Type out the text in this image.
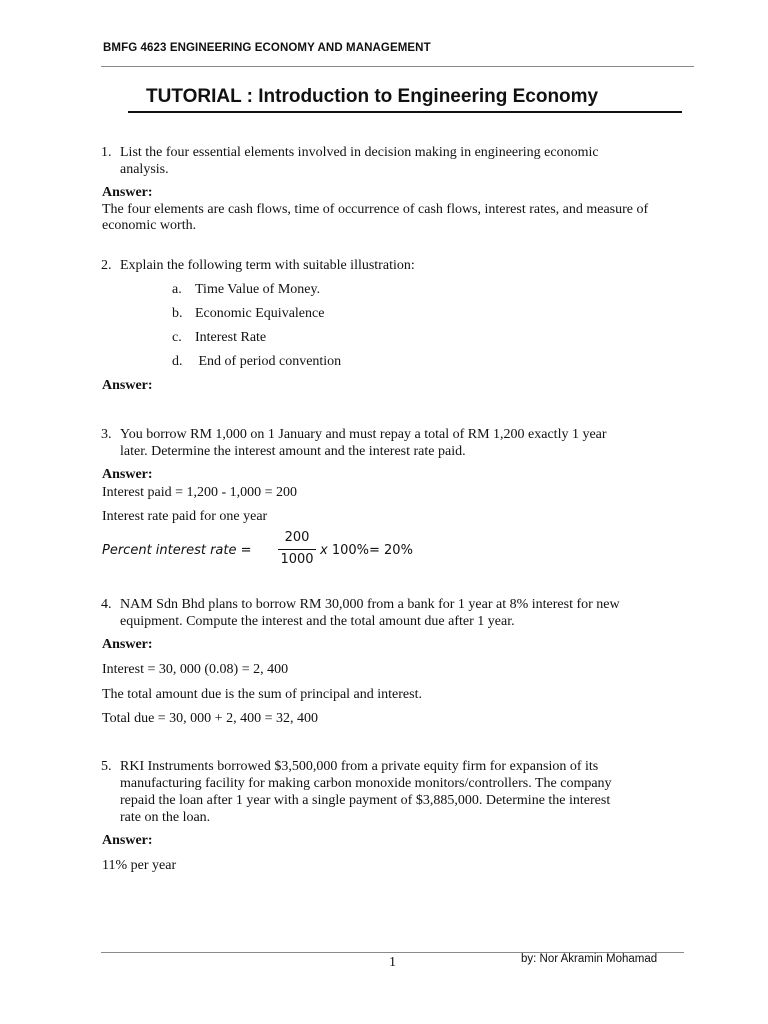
BMFG 4623 ENGINEERING ECONOMY AND MANAGEMENT
TUTORIAL : Introduction to Engineering Economy
1. List the four essential elements involved in decision making in engineering economic
analysis.
Answer:
The four elements are cash flows, time of occurrence of cash flows, interest rates, and measure of
economic worth.
2. Explain the following term with suitable illustration:
a. Time Value of Money.
b. Economic Equivalence
c. Interest Rate
d. End of period convention
Answer:
3. You borrow RM 1,000 on 1 January and must repay a total of RM 1,200 exactly 1 year
later. Determine the interest amount and the interest rate paid.
Answer:
Interest paid = 1,200 - 1,000 = 200
Interest rate paid for one year
Percent interest rate =
200
1000
x 100%= 20%
4. NAM Sdn Bhd plans to borrow RM 30,000 from a bank for 1 year at 8% interest for new
equipment. Compute the interest and the total amount due after 1 year.
Answer:
Interest = 30, 000 (0.08) = 2, 400
The total amount due is the sum of principal and interest.
Total due = 30, 000 + 2, 400 = 32, 400
5. RKI Instruments borrowed $3,500,000 from a private equity firm for expansion of its
manufacturing facility for making carbon monoxide monitors/controllers. The company
repaid the loan after 1 year with a single payment of $3,885,000. Determine the interest
rate on the loan.
Answer:
11% per year
1	by: Nor Akramin Mohamad
